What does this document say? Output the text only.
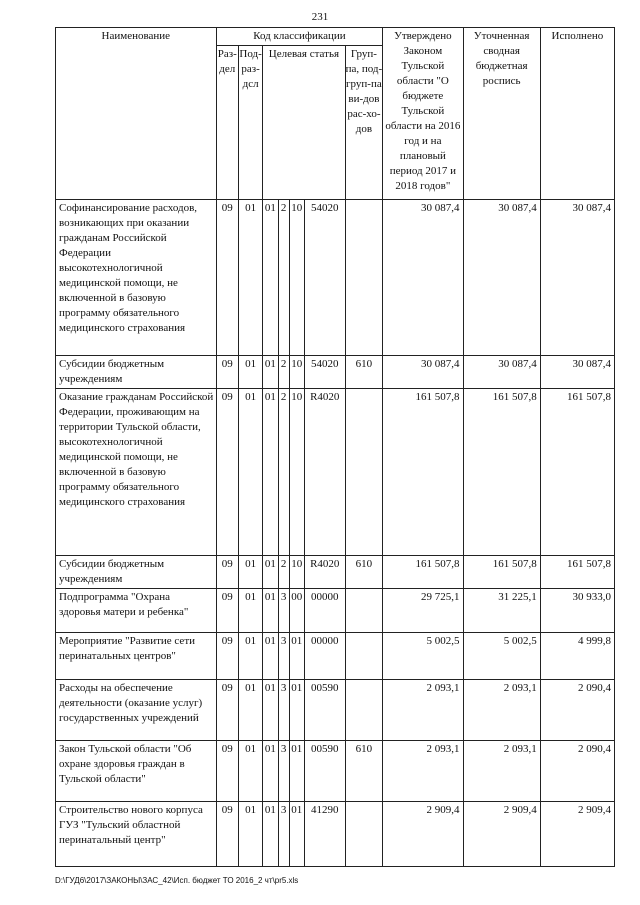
231
Наименование	Код классификации							Утверждено Законом Тульской области "О бюджете Тульской области на 2016 год и на плановый период 2017 и 2018 годов"	Уточненная сводная бюджетная роспись	Исполнено
	Раз-дел	Под-раз-дсл	Целевая статья				Груп-па, под-груп-па ви-дов рас-хо-дов			
Софинансирование расходов, возникающих при оказании гражданам Российской Федерации высокотехнологичной медицинской помощи, не включенной в базовую программу обязательного медицинского страхования	09	01	01	2	10	54020		30 087,4	30 087,4	30 087,4
Субсидии бюджетным учреждениям	09	01	01	2	10	54020	610	30 087,4	30 087,4	30 087,4
Оказание гражданам Российской Федерации, проживающим на территории Тульской области, высокотехнологичной медицинской помощи, не включенной в базовую программу обязательного медицинского страхования	09	01	01	2	10	R4020		161 507,8	161 507,8	161 507,8
Субсидии бюджетным учреждениям	09	01	01	2	10	R4020	610	161 507,8	161 507,8	161 507,8
Подпрограмма "Охрана здоровья матери и ребенка"	09	01	01	3	00	00000		29 725,1	31 225,1	30 933,0
Мероприятие "Развитие сети перинатальных центров"	09	01	01	3	01	00000		5 002,5	5 002,5	4 999,8
Расходы на обеспечение деятельности (оказание услуг) государственных учреждений	09	01	01	3	01	00590		2 093,1	2 093,1	2 090,4
Закон Тульской области "Об охране здоровья граждан в Тульской области"	09	01	01	3	01	00590	610	2 093,1	2 093,1	2 090,4
Строительство нового корпуса ГУЗ "Тульский областной перинатальный центр"	09	01	01	3	01	41290		2 909,4	2 909,4	2 909,4
D:\ГУД6\2017\ЗАКОНЫ\ЗАС_42\Исп. бюджет ТО 2016_2 чт\pr5.xls
